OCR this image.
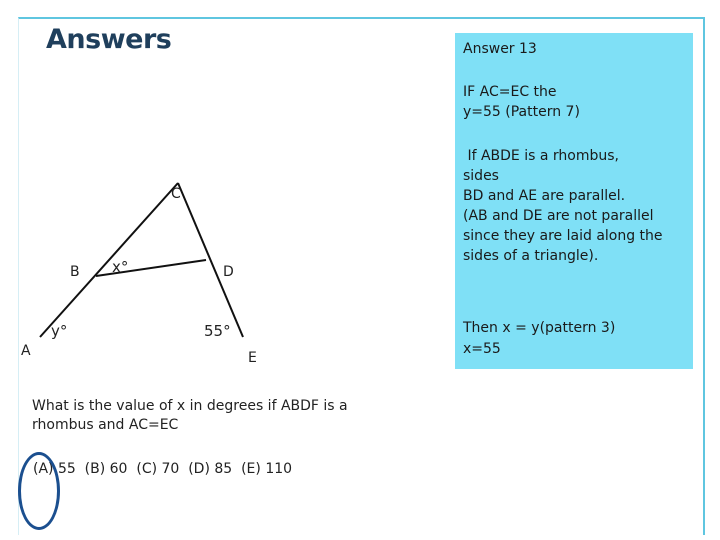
Answers	Answer 13
IF AC=EC the
y=55 (Pattern 7)
If ABDE is a rhombus,
sides
BD and AE are parallel.
(AB and DE are not parallel
since they are laid along the
sides of a triangle).
Then x = y(pattern 3)
x=55
A
B
C
D
E
x°
y°	55°
What is the value of x in degrees if ABDF is a rhombus and AC=EC
(A) 55  (B) 60  (C) 70  (D) 85  (E) 110
